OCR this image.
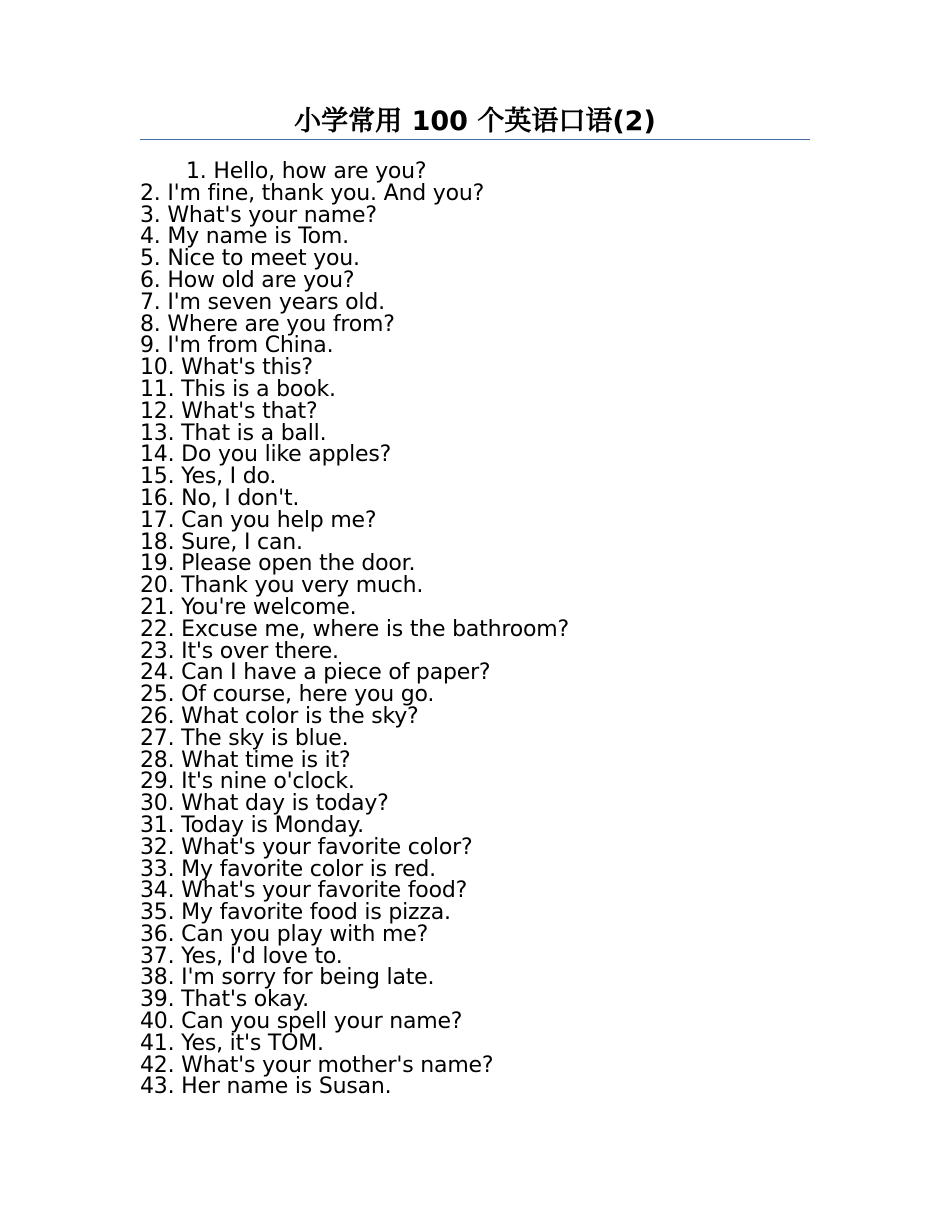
小学常用 100 个英语口语(2)
1. Hello, how are you?
2. I'm fine, thank you. And you?
3. What's your name?
4. My name is Tom.
5. Nice to meet you.
6. How old are you?
7. I'm seven years old.
8. Where are you from?
9. I'm from China.
10. What's this?
11. This is a book.
12. What's that?
13. That is a ball.
14. Do you like apples?
15. Yes, I do.
16. No, I don't.
17. Can you help me?
18. Sure, I can.
19. Please open the door.
20. Thank you very much.
21. You're welcome.
22. Excuse me, where is the bathroom?
23. It's over there.
24. Can I have a piece of paper?
25. Of course, here you go.
26. What color is the sky?
27. The sky is blue.
28. What time is it?
29. It's nine o'clock.
30. What day is today?
31. Today is Monday.
32. What's your favorite color?
33. My favorite color is red.
34. What's your favorite food?
35. My favorite food is pizza.
36. Can you play with me?
37. Yes, I'd love to.
38. I'm sorry for being late.
39. That's okay.
40. Can you spell your name?
41. Yes, it's TOM.
42. What's your mother's name?
43. Her name is Susan.
